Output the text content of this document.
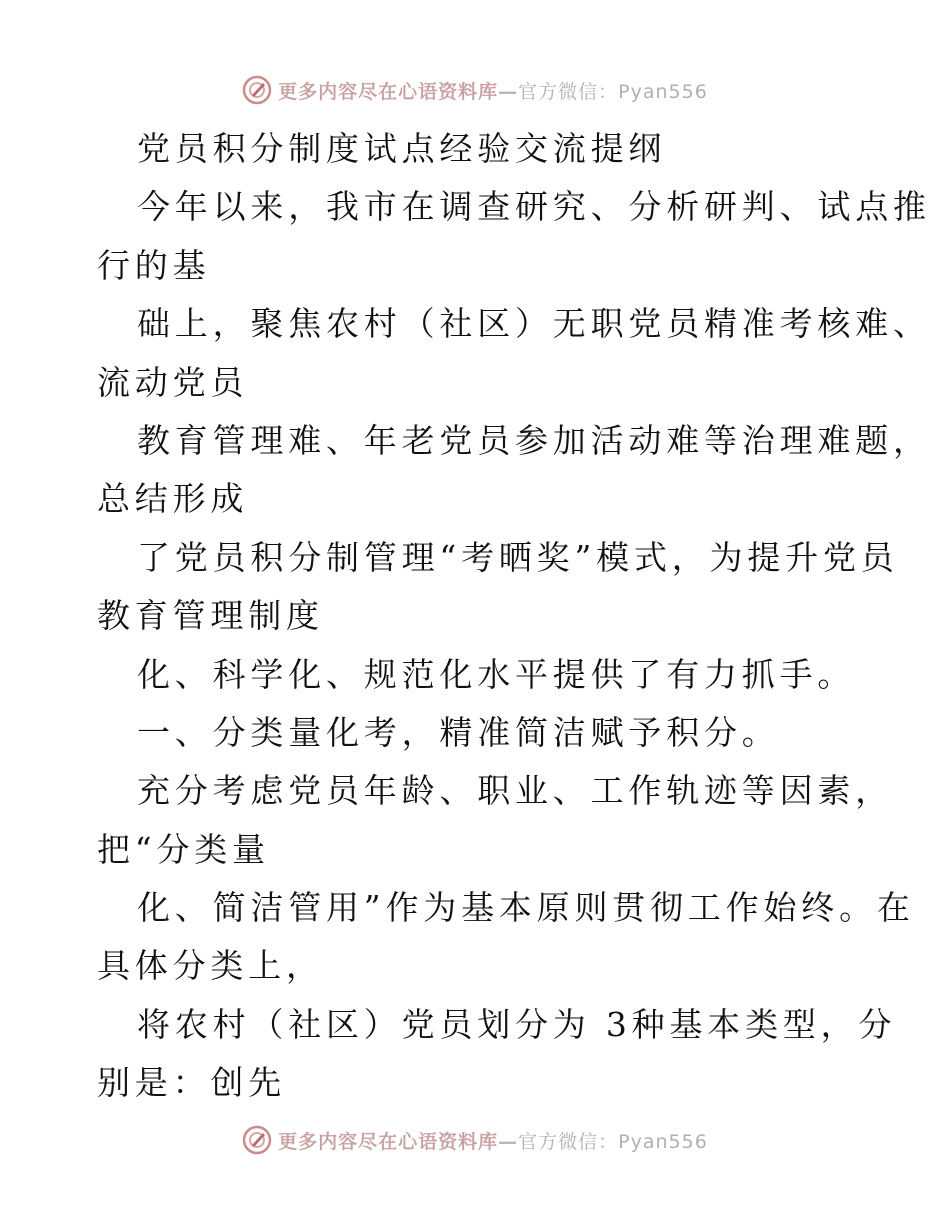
更多内容尽在心语资料库—官方微信：Pyan556
党员积分制度试点经验交流提纲
今年以来，我市在调查研究、分析研判、试点推
行的基
础上，聚焦农村（社区）无职党员精准考核难、
流动党员
教育管理难、年老党员参加活动难等治理难题，
总结形成
了党员积分制管理“考晒奖”模式，为提升党员
教育管理制度
化、科学化、规范化水平提供了有力抓手。
一、分类量化考，精准简洁赋予积分。
充分考虑党员年龄、职业、工作轨迹等因素，
把“分类量
化、简洁管用”作为基本原则贯彻工作始终。在
具体分类上，
将农村（社区）党员划分为 3种基本类型，分
别是：创先
更多内容尽在心语资料库—官方微信：Pyan556
